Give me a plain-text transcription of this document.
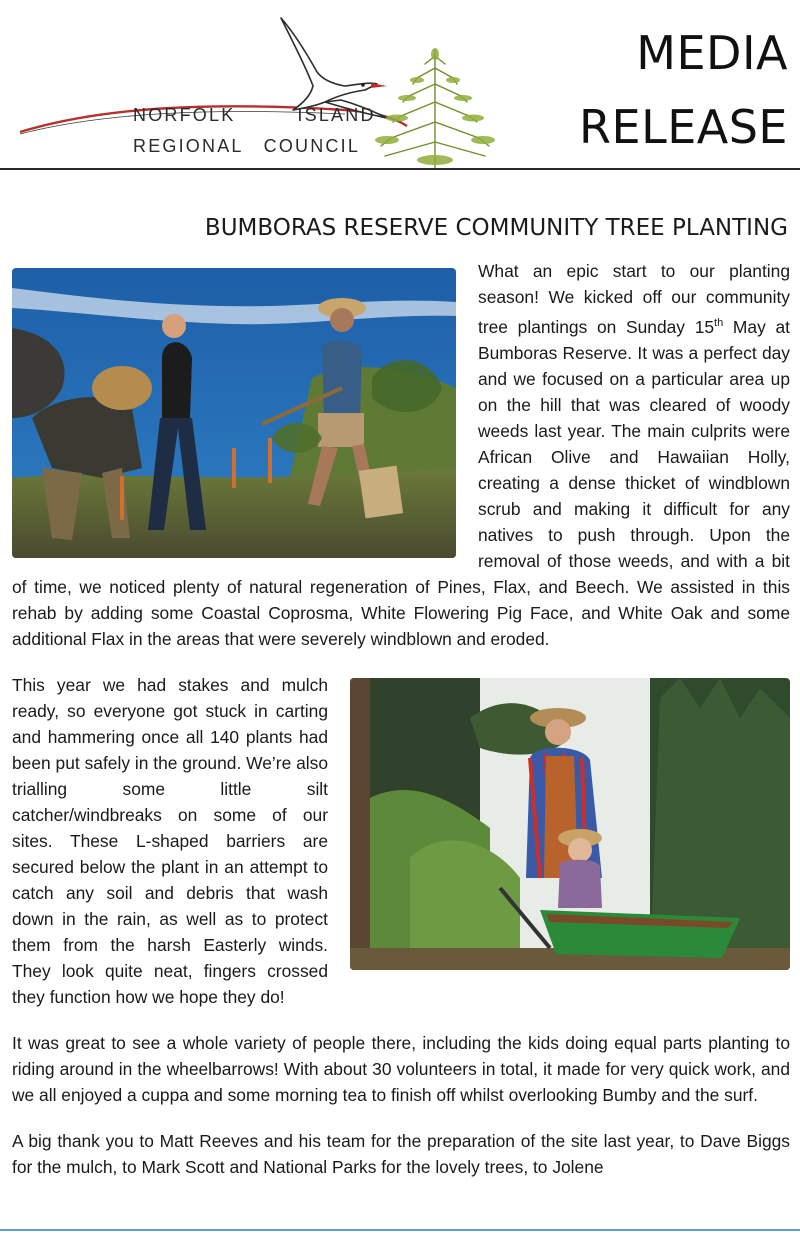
NORFOLK	ISLAND
REGIONAL COUNCIL
MEDIA
RELEASE
BUMBORAS RESERVE COMMUNITY TREE PLANTING

What an epic start to our planting season! We kicked off our community tree plantings on Sunday 15th May at Bumboras Reserve. It was a perfect day and we focused on a particular area up on the hill that was cleared of woody weeds last year. The main culprits were African Olive and Hawaiian Holly, creating a dense thicket of windblown scrub and making it difficult for any natives to push through. Upon the removal of those weeds, and with a bit of time, we noticed plenty of natural regeneration of Pines, Flax, and Beech. We assisted in this rehab by adding some Coastal Coprosma, White Flowering Pig Face, and White Oak and some additional Flax in the areas that were severely windblown and eroded.

This year we had stakes and mulch ready, so everyone got stuck in carting and hammering once all 140 plants had been put safely in the ground. We’re also trialling some little silt catcher/windbreaks on some of our sites. These L-shaped barriers are secured below the plant in an attempt to catch any soil and debris that wash down in the rain, as well as to protect them from the harsh Easterly winds. They look quite neat, fingers crossed they function how we hope they do!

It was great to see a whole variety of people there, including the kids doing equal parts planting to riding around in the wheelbarrows! With about 30 volunteers in total, it made for very quick work, and we all enjoyed a cuppa and some morning tea to finish off whilst overlooking Bumby and the surf.

A big thank you to Matt Reeves and his team for the preparation of the site last year, to Dave Biggs for the mulch, to Mark Scott and National Parks for the lovely trees, to Jolene
